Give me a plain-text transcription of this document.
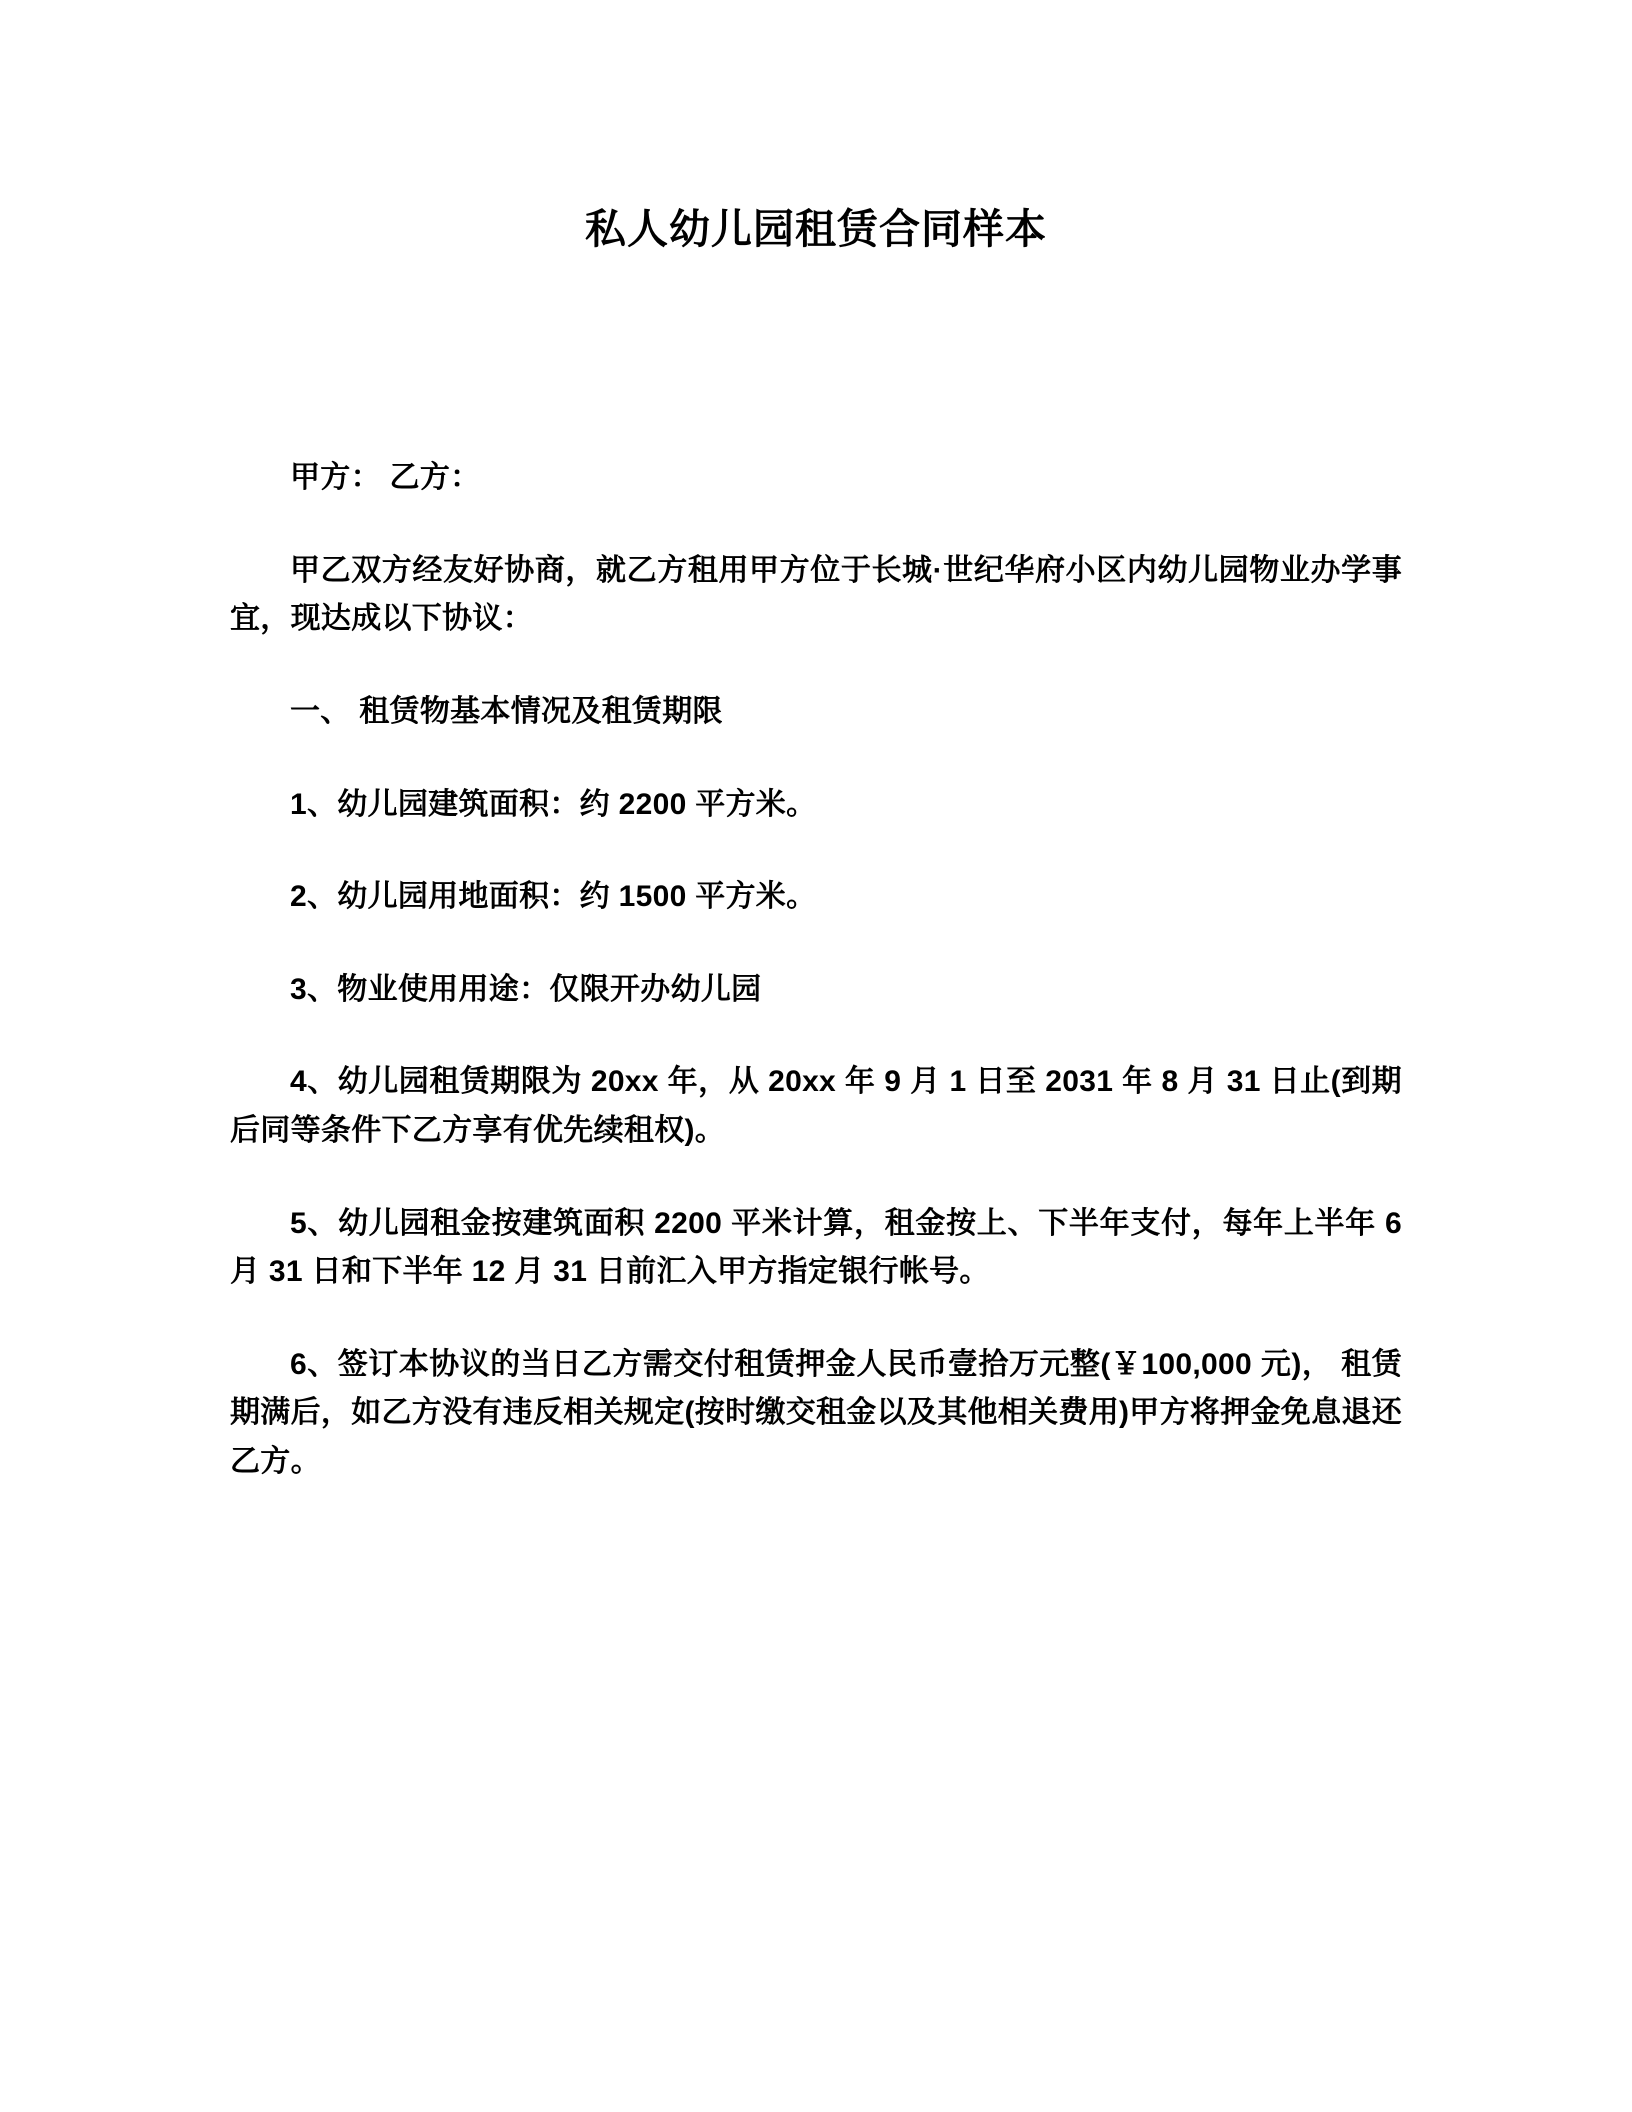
私人幼儿园租赁合同样本

甲方： 乙方：

甲乙双方经友好协商，就乙方租用甲方位于长城·世纪华府小区内幼儿园物业办学事宜，现达成以下协议：

一、 租赁物基本情况及租赁期限

1、幼儿园建筑面积：约 2200 平方米。

2、幼儿园用地面积：约 1500 平方米。

3、物业使用用途：仅限开办幼儿园

4、幼儿园租赁期限为 20xx 年，从 20xx 年 9 月 1 日至 2031 年 8 月 31 日止(到期后同等条件下乙方享有优先续租权)。

5、幼儿园租金按建筑面积 2200 平米计算，租金按上、下半年支付，每年上半年 6 月 31 日和下半年 12 月 31 日前汇入甲方指定银行帐号。

6、签订本协议的当日乙方需交付租赁押金人民币壹拾万元整(￥100,000 元)， 租赁期满后，如乙方没有违反相关规定(按时缴交租金以及其他相关费用)甲方将押金免息退还乙方。
